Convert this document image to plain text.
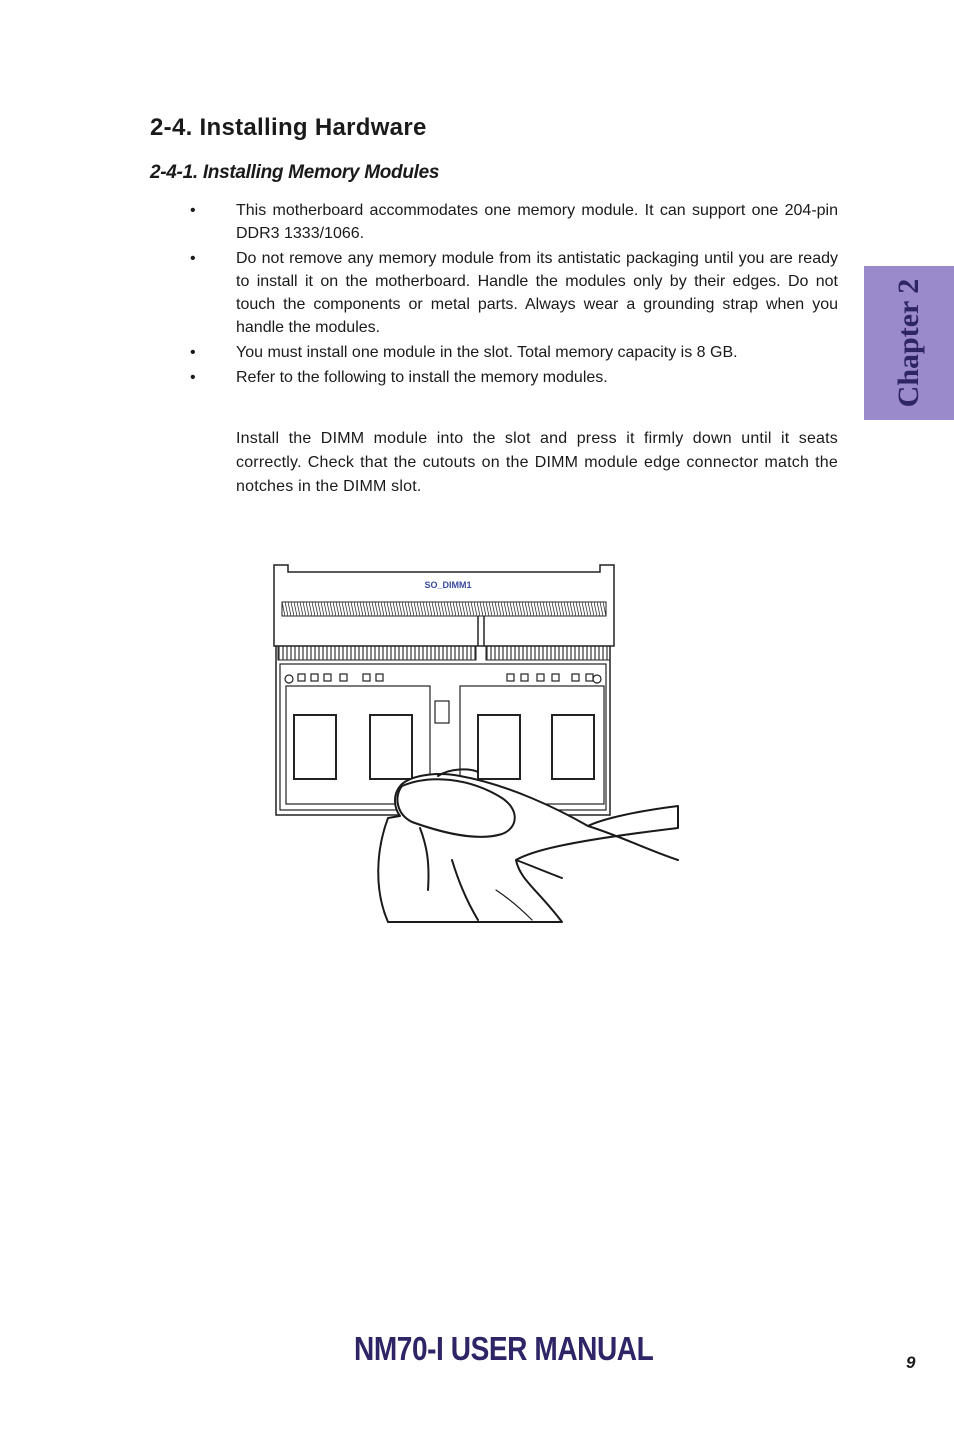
2-4. Installing Hardware
2-4-1. Installing Memory Modules
•	This motherboard accommodates one memory module. It can support one 204-pin DDR3 1333/1066.
•	Do not remove any memory module from its antistatic packaging until you are ready to install it on the motherboard. Handle the modules only by their edges. Do not touch the components or metal parts. Always wear a grounding strap when you handle the modules.
•	You must install one module in the slot. Total memory capacity is 8 GB.
•	Refer to the following to install the memory modules.

Install the DIMM module into the slot and press it firmly down until it seats correctly. Check that the cutouts on the DIMM module edge connector match the notches in the DIMM slot.

Chapter 2
SO_DIMM1
NM70-I USER MANUAL	9
